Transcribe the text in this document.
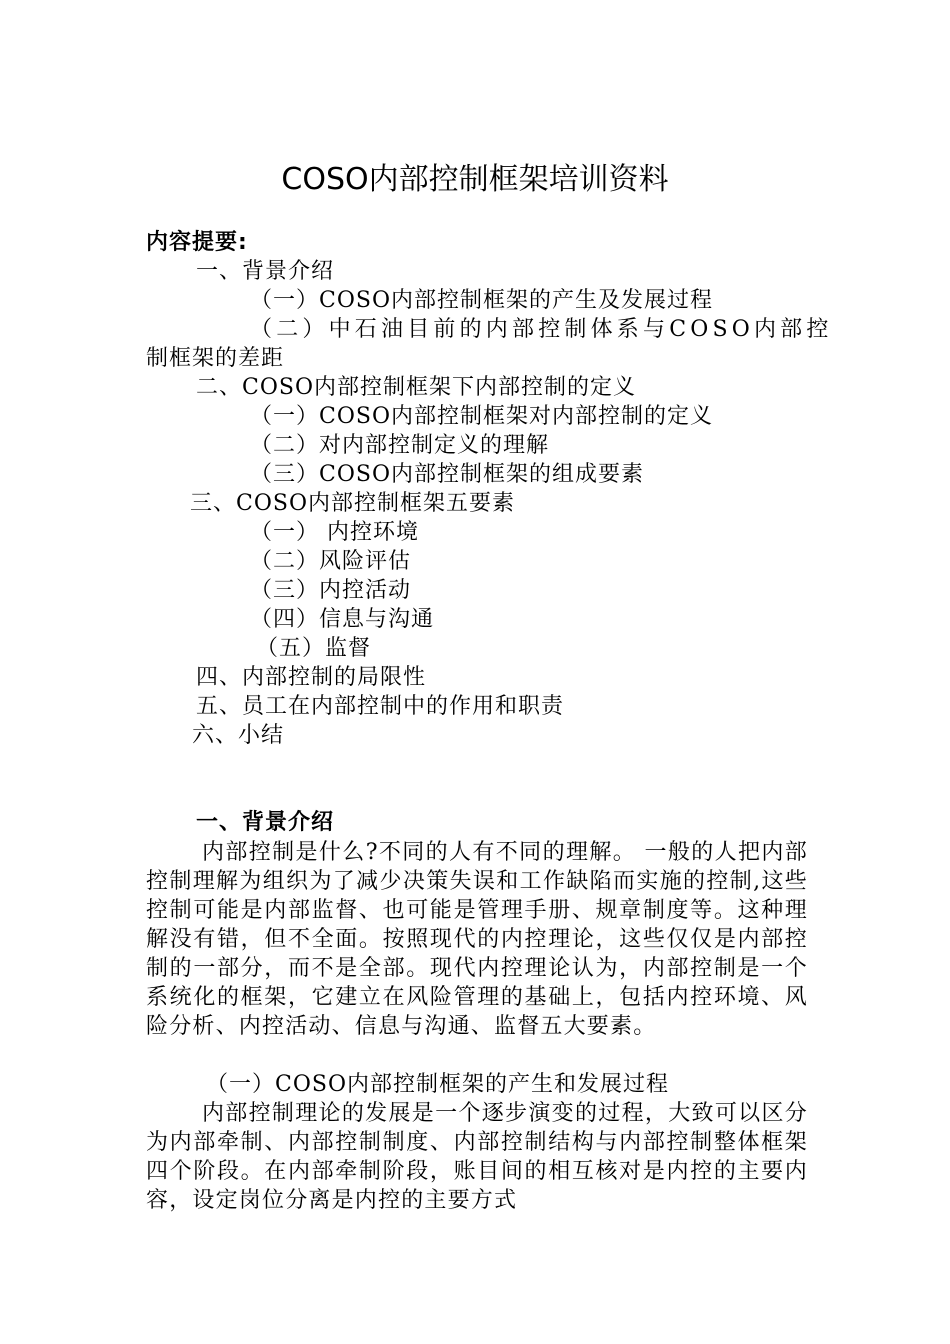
COSO内部控制框架培训资料
内容提要:
一、背景介绍
（一）COSO内部控制框架的产生及发展过程
（二）中石油目前的内部控制体系与COSO内部控
制框架的差距
二、COSO内部控制框架下内部控制的定义
（一）COSO内部控制框架对内部控制的定义
（二）对内部控制定义的理解
（三）COSO内部控制框架的组成要素
三、COSO内部控制框架五要素
（一） 内控环境
（二）风险评估
（三）内控活动
（四）信息与沟通
（五）监督
四、内部控制的局限性
五、员工在内部控制中的作用和职责
六、小结
一、背景介绍
内部控制是什么?不同的人有不同的理解。 一般的人把内部控制理解为组织为了减少决策失误和工作缺陷而实施的控制,这些控制可能是内部监督、也可能是管理手册、规章制度等。这种理解没有错，但不全面。按照现代的内控理论，这些仅仅是内部控制的一部分，而不是全部。现代内控理论认为，内部控制是一个系统化的框架，它建立在风险管理的基础上，包括内控环境、风险分析、内控活动、信息与沟通、监督五大要素。
（一）COSO内部控制框架的产生和发展过程
内部控制理论的发展是一个逐步演变的过程，大致可以区分为内部牵制、内部控制制度、内部控制结构与内部控制整体框架四个阶段。在内部牵制阶段，账目间的相互核对是内控的主要内容，设定岗位分离是内控的主要方式
